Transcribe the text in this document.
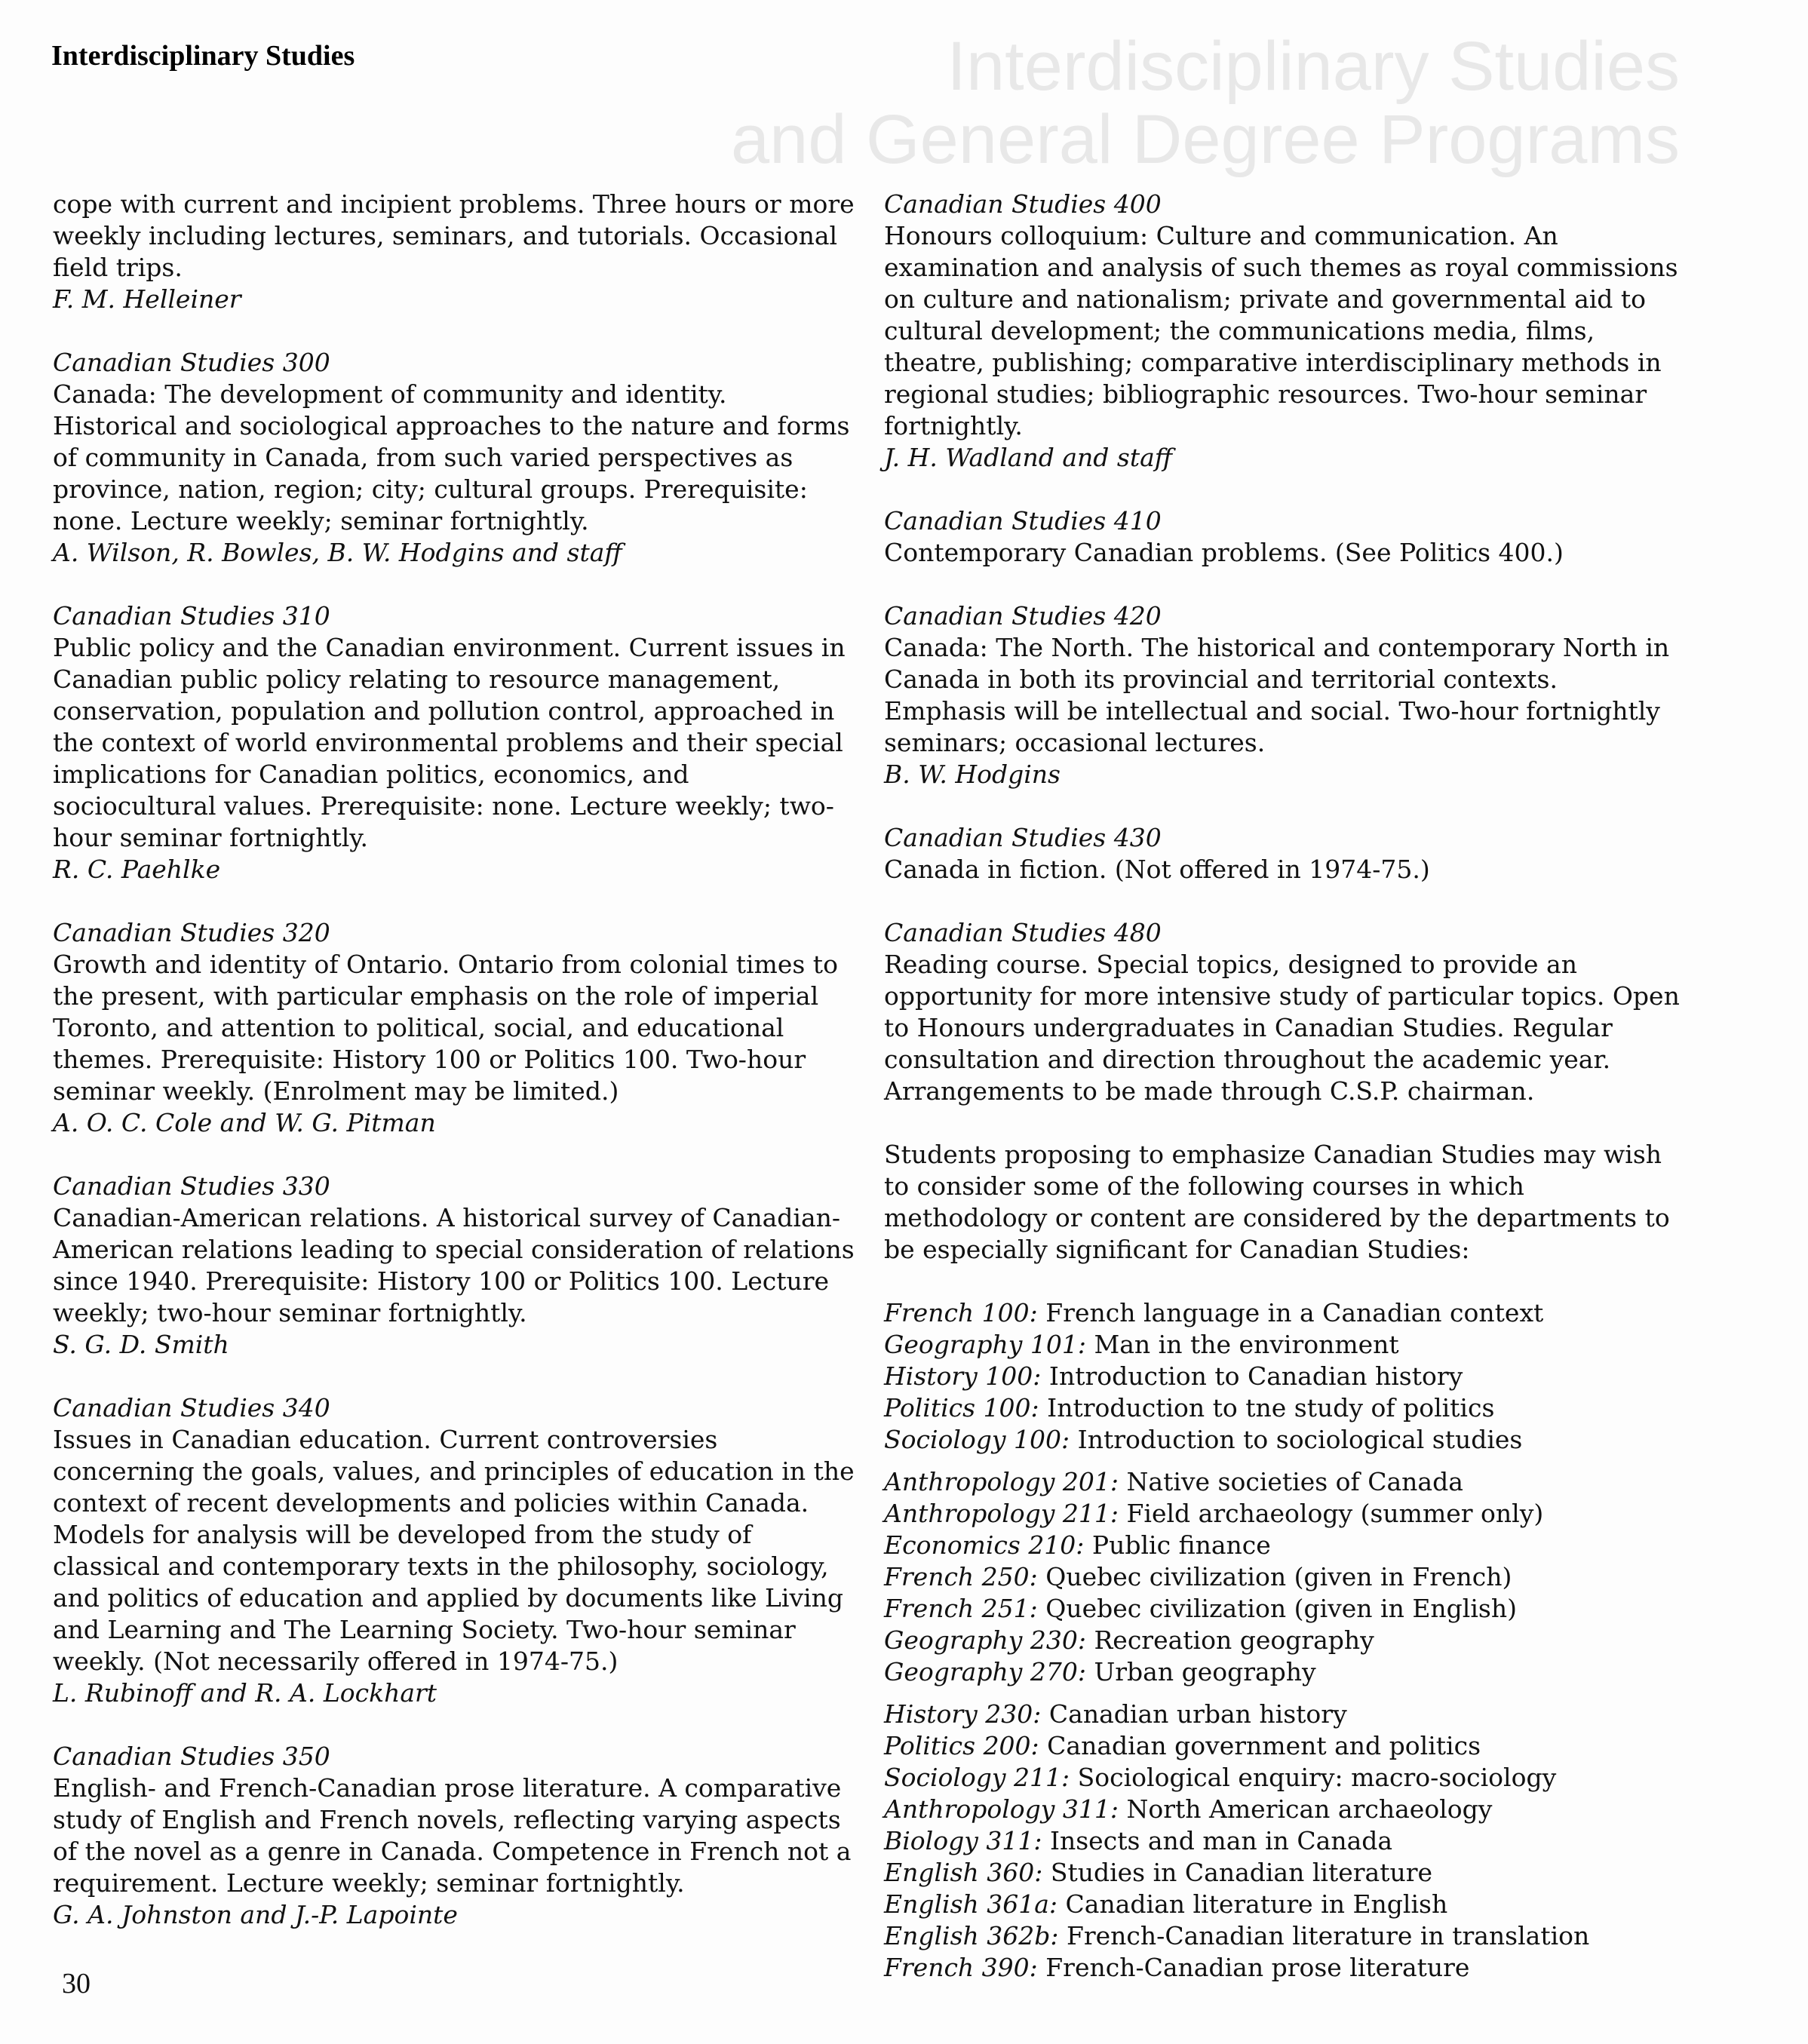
Interdisciplinary Studies
and General Degree Programs
Interdisciplinary Studies
cope with current and incipient problems. Three hours or more weekly including lectures, seminars, and tutorials. Occasional field trips.
F. M. Helleiner
Canadian Studies 300
Canada: The development of community and identity. Historical and sociological approaches to the nature and forms of community in Canada, from such varied perspectives as province, nation, region; city; cultural groups. Prerequisite: none. Lecture weekly; seminar fortnightly.
A. Wilson, R. Bowles, B. W. Hodgins and staff
Canadian Studies 310
Public policy and the Canadian environment. Current issues in Canadian public policy relating to resource management, conservation, population and pollution control, approached in the context of world environmental problems and their special implications for Canadian politics, economics, and sociocultural values. Prerequisite: none. Lecture weekly; two-hour seminar fortnightly.
R. C. Paehlke
Canadian Studies 320
Growth and identity of Ontario. Ontario from colonial times to the present, with particular emphasis on the role of imperial Toronto, and attention to political, social, and educational themes. Prerequisite: History 100 or Politics 100. Two-hour seminar weekly. (Enrolment may be limited.)
A. O. C. Cole and W. G. Pitman
Canadian Studies 330
Canadian-American relations. A historical survey of Canadian-American relations leading to special consideration of relations since 1940. Prerequisite: History 100 or Politics 100. Lecture weekly; two-hour seminar fortnightly.
S. G. D. Smith
Canadian Studies 340
Issues in Canadian education. Current controversies concerning the goals, values, and principles of education in the context of recent developments and policies within Canada. Models for analysis will be developed from the study of classical and contemporary texts in the philosophy, sociology, and politics of education and applied by documents like Living and Learning and The Learning Society. Two-hour seminar weekly. (Not necessarily offered in 1974-75.)
L. Rubinoff and R. A. Lockhart
Canadian Studies 350
English- and French-Canadian prose literature. A comparative study of English and French novels, reflecting varying aspects of the novel as a genre in Canada. Competence in French not a requirement. Lecture weekly; seminar fortnightly.
G. A. Johnston and J.-P. Lapointe
Canadian Studies 400
Honours colloquium: Culture and communication. An examination and analysis of such themes as royal commissions on culture and nationalism; private and governmental aid to cultural development; the communications media, films, theatre, publishing; comparative interdisciplinary methods in regional studies; bibliographic resources. Two-hour seminar fortnightly.
J. H. Wadland and staff
Canadian Studies 410
Contemporary Canadian problems. (See Politics 400.)
Canadian Studies 420
Canada: The North. The historical and contemporary North in Canada in both its provincial and territorial contexts. Emphasis will be intellectual and social. Two-hour fortnightly seminars; occasional lectures.
B. W. Hodgins
Canadian Studies 430
Canada in fiction. (Not offered in 1974-75.)
Canadian Studies 480
Reading course. Special topics, designed to provide an opportunity for more intensive study of particular topics. Open to Honours undergraduates in Canadian Studies. Regular consultation and direction throughout the academic year. Arrangements to be made through C.S.P. chairman.
Students proposing to emphasize Canadian Studies may wish to consider some of the following courses in which methodology or content are considered by the departments to be especially significant for Canadian Studies:
French 100: French language in a Canadian context
Geography 101: Man in the environment
History 100: Introduction to Canadian history
Politics 100: Introduction to tne study of politics
Sociology 100: Introduction to sociological studies
Anthropology 201: Native societies of Canada
Anthropology 211: Field archaeology (summer only)
Economics 210: Public finance
French 250: Quebec civilization (given in French)
French 251: Quebec civilization (given in English)
Geography 230: Recreation geography
Geography 270: Urban geography
History 230: Canadian urban history
Politics 200: Canadian government and politics
Sociology 211: Sociological enquiry: macro-sociology
Anthropology 311: North American archaeology
Biology 311: Insects and man in Canada
English 360: Studies in Canadian literature
English 361a: Canadian literature in English
English 362b: French-Canadian literature in translation
French 390: French-Canadian prose literature
30
